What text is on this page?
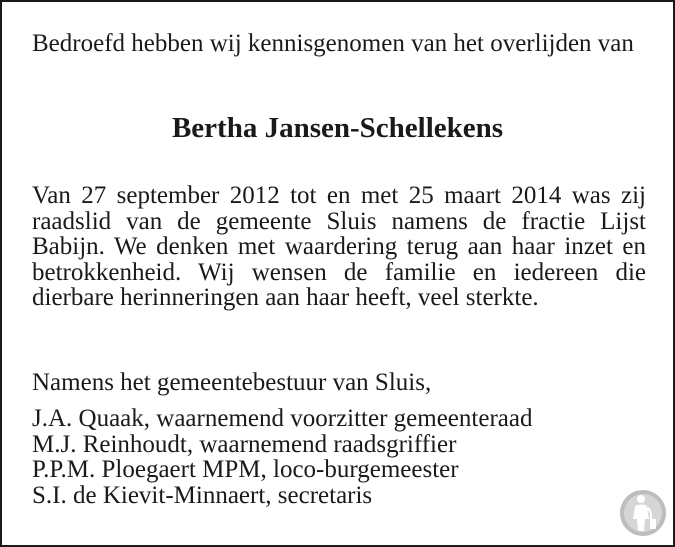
Bedroefd hebben wij kennisgenomen van het overlijden van
Bertha Jansen-Schellekens
Van 27 september 2012 tot en met 25 maart 2014 was zij raadslid van de gemeente Sluis namens de fractie Lijst Babijn. We denken met waardering terug aan haar inzet en betrokkenheid. Wij wensen de familie en iedereen die dierbare herinneringen aan haar heeft, veel sterkte.
Namens het gemeentebestuur van Sluis,
J.A. Quaak, waarnemend voorzitter gemeenteraad
M.J. Reinhoudt, waarnemend raadsgriffier
P.P.M. Ploegaert MPM, loco-burgemeester
S.I. de Kievit-Minnaert, secretaris
